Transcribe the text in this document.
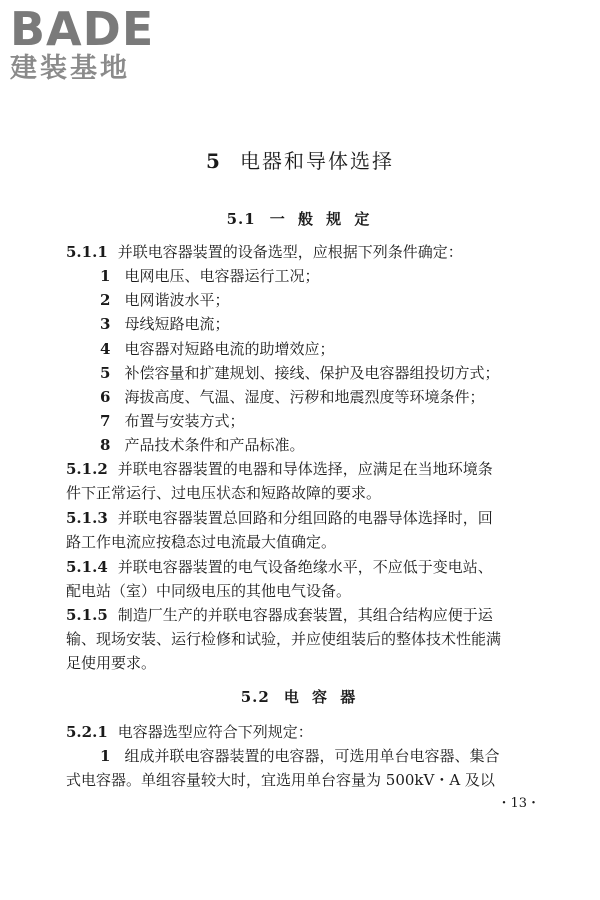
BADE
建装基地
5 电器和导体选择
5.1 一 般 规 定
5.1.1 并联电容器装置的设备选型，应根据下列条件确定：
1 电网电压、电容器运行工况；
2 电网谐波水平；
3 母线短路电流；
4 电容器对短路电流的助增效应；
5 补偿容量和扩建规划、接线、保护及电容器组投切方式；
6 海拔高度、气温、湿度、污秽和地震烈度等环境条件；
7 布置与安装方式；
8 产品技术条件和产品标准。
5.1.2 并联电容器装置的电器和导体选择，应满足在当地环境条
件下正常运行、过电压状态和短路故障的要求。
5.1.3 并联电容器装置总回路和分组回路的电器导体选择时，回
路工作电流应按稳态过电流最大值确定。
5.1.4 并联电容器装置的电气设备绝缘水平，不应低于变电站、
配电站（室）中同级电压的其他电气设备。
5.1.5 制造厂生产的并联电容器成套装置，其组合结构应便于运
输、现场安装、运行检修和试验，并应使组装后的整体技术性能满
足使用要求。
5.2 电 容 器
5.2.1 电容器选型应符合下列规定：
1 组成并联电容器装置的电容器，可选用单台电容器、集合
式电容器。单组容量较大时，宜选用单台容量为 500kV・A 及以
・13・
